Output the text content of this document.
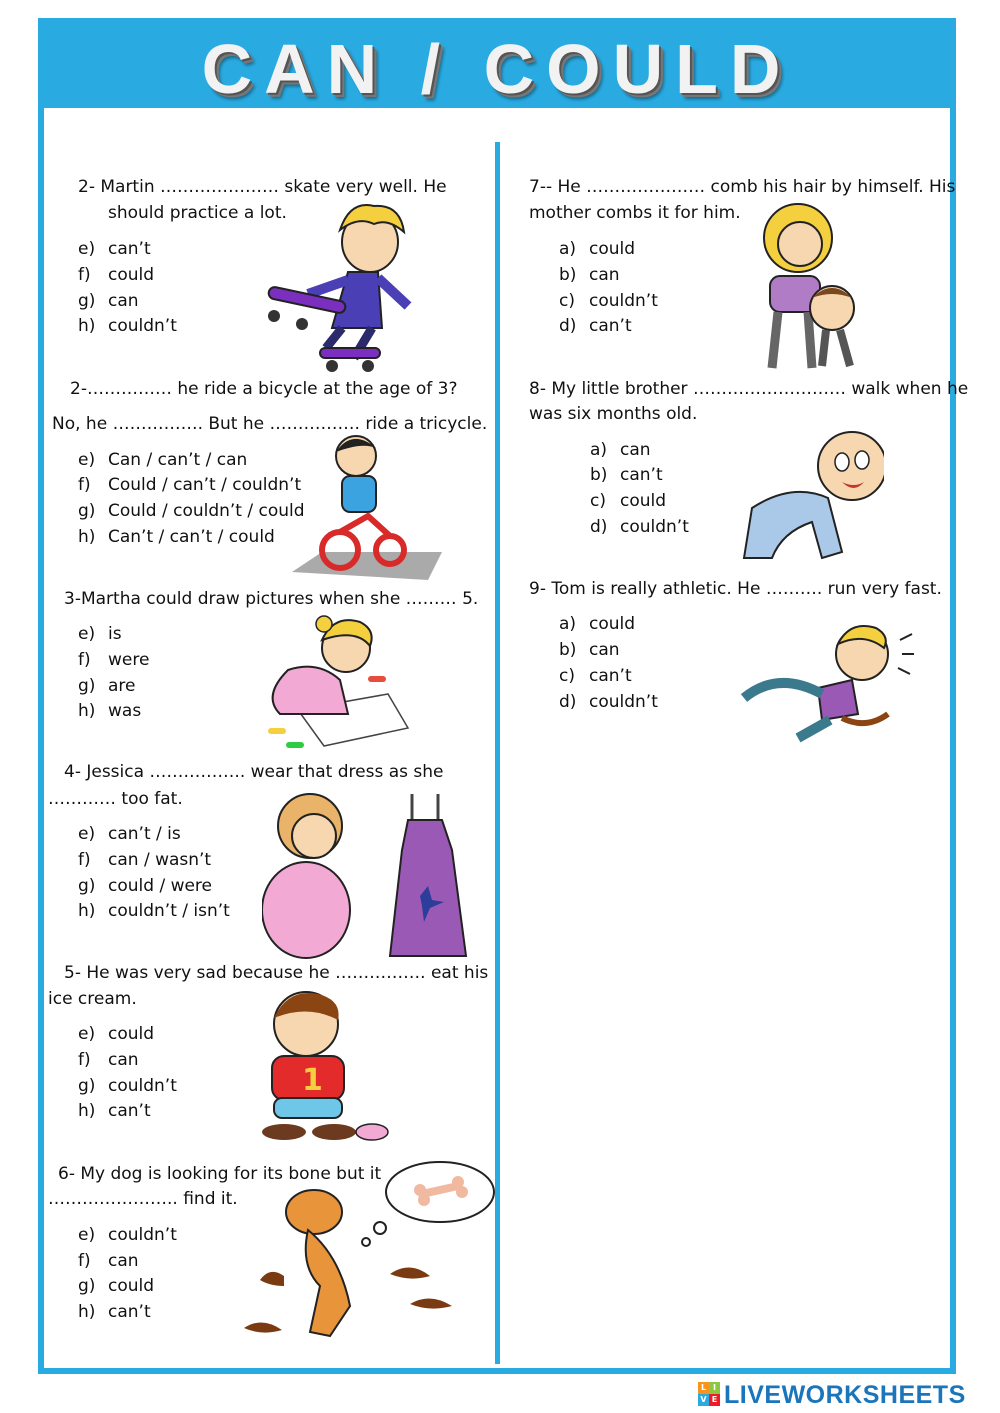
CAN / COULD
2- Martin ………………… skate very well. He
should practice a lot.
e) can’t
f) could
g) can
h) couldn’t
2-…………… he ride a bicycle at the age of 3?
No, he ……………. But he ……………. ride a tricycle.
e) Can / can’t / can
f) Could / can’t / couldn’t
g) Could / couldn’t / could
h) Can’t / can’t / could
3-Martha could draw pictures when she ……… 5.
e) is
f) were
g) are
h) was
4- Jessica …………….. wear that dress as she
………… too fat.
e) can’t / is
f) can / wasn’t
g) could / were
h) couldn’t / isn’t
5- He was very sad because he ……………. eat his
ice cream.
e) could
f) can
g) couldn’t
h) can’t
6- My dog is looking for its bone but it
………………….. find it.
e) couldn’t
f) can
g) could
h) can’t
7-- He ………………… comb his hair by himself. His
mother combs it for him.
a) could
b) can
c) couldn’t
d) can’t
8- My little brother ……………………… walk when he
was six months old.
a) can
b) can’t
c) could
d) couldn’t
9- Tom is really athletic. He ………. run very fast.
a) could
b) can
c) can’t
d) couldn’t
1
L I
V E LIVEWORKSHEETS
